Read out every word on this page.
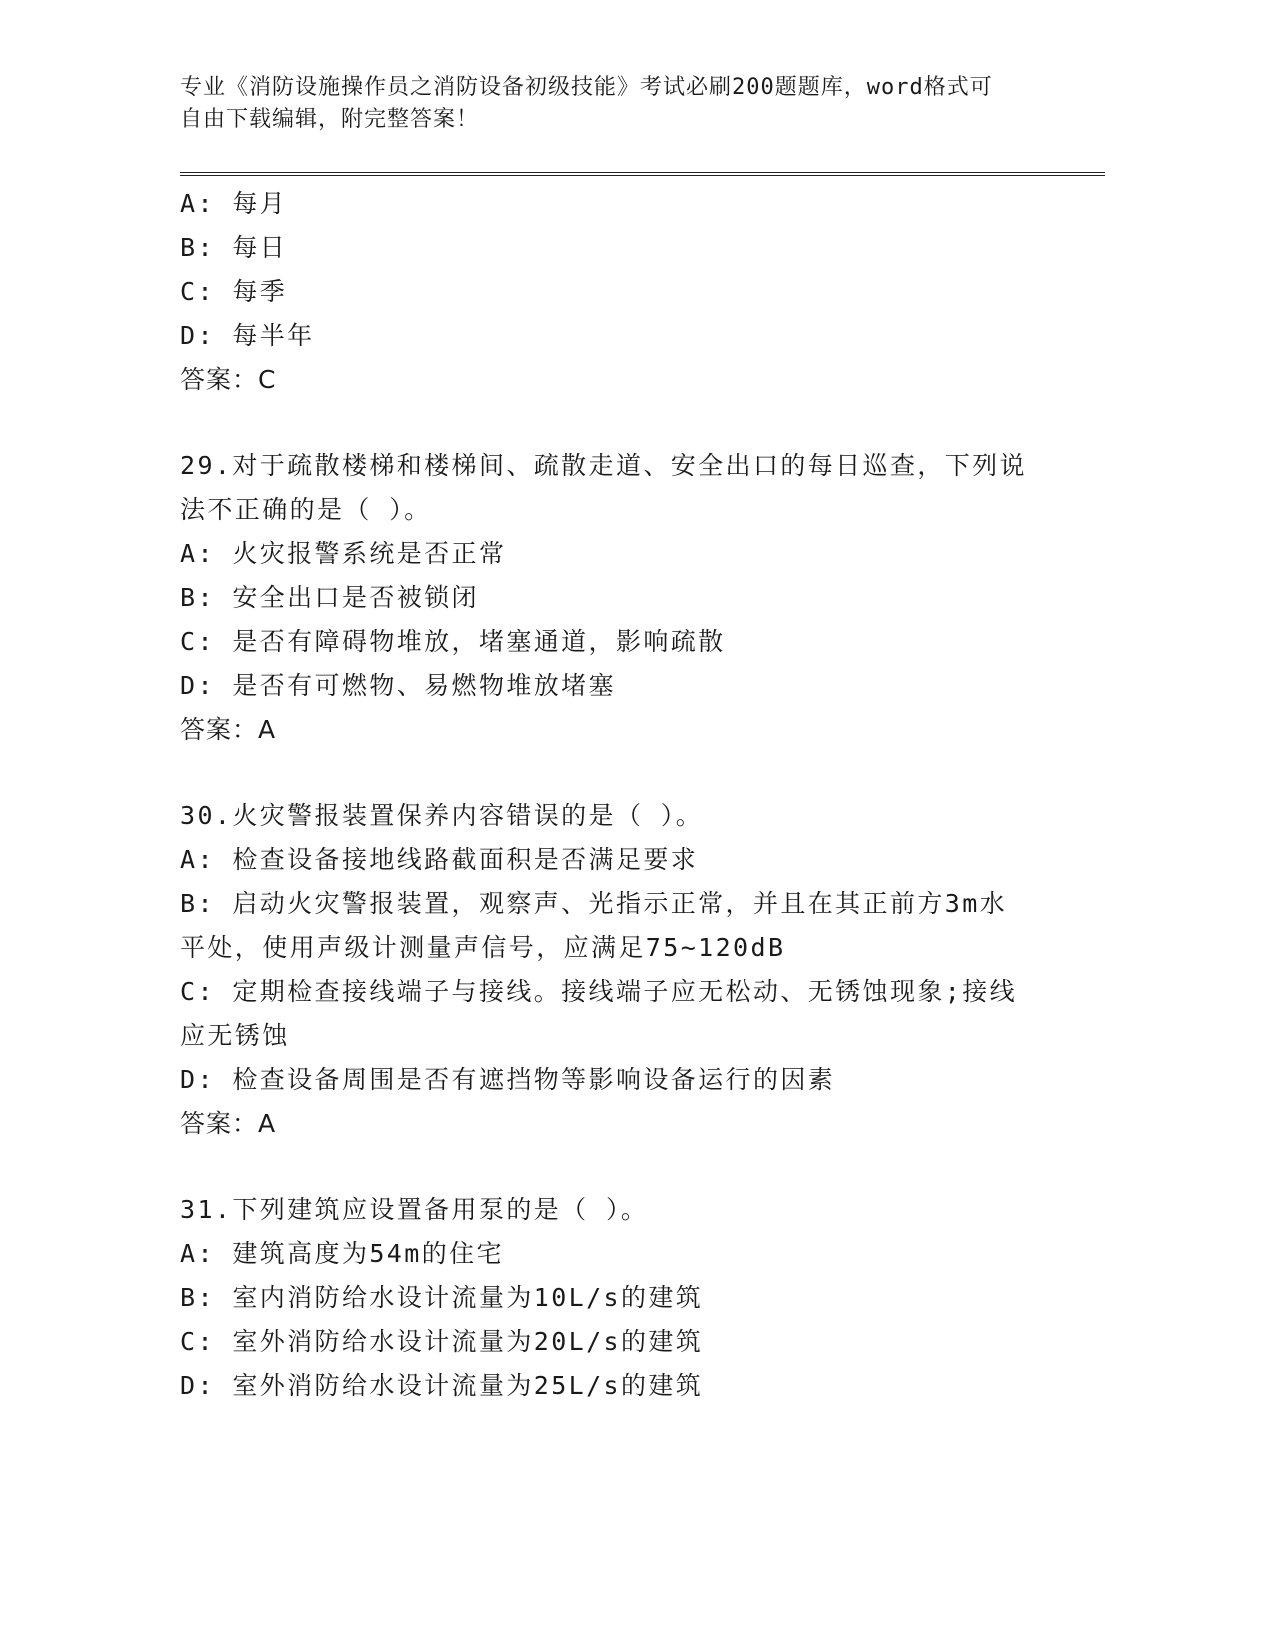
专业《消防设施操作员之消防设备初级技能》考试必刷200题题库，word格式可
自由下载编辑，附完整答案！
A: 每月
B: 每日
C: 每季
D: 每半年
答案：C
29.对于疏散楼梯和楼梯间、疏散走道、安全出口的每日巡查，下列说
法不正确的是（ ）。
A: 火灾报警系统是否正常
B: 安全出口是否被锁闭
C: 是否有障碍物堆放，堵塞通道，影响疏散
D: 是否有可燃物、易燃物堆放堵塞
答案：A
30.火灾警报装置保养内容错误的是（ ）。
A: 检查设备接地线路截面积是否满足要求
B: 启动火灾警报装置，观察声、光指示正常，并且在其正前方3m水
平处，使用声级计测量声信号，应满足75~120dB
C: 定期检查接线端子与接线。接线端子应无松动、无锈蚀现象;接线
应无锈蚀
D: 检查设备周围是否有遮挡物等影响设备运行的因素
答案：A
31.下列建筑应设置备用泵的是（ ）。
A: 建筑高度为54m的住宅
B: 室内消防给水设计流量为10L/s的建筑
C: 室外消防给水设计流量为20L/s的建筑
D: 室外消防给水设计流量为25L/s的建筑
